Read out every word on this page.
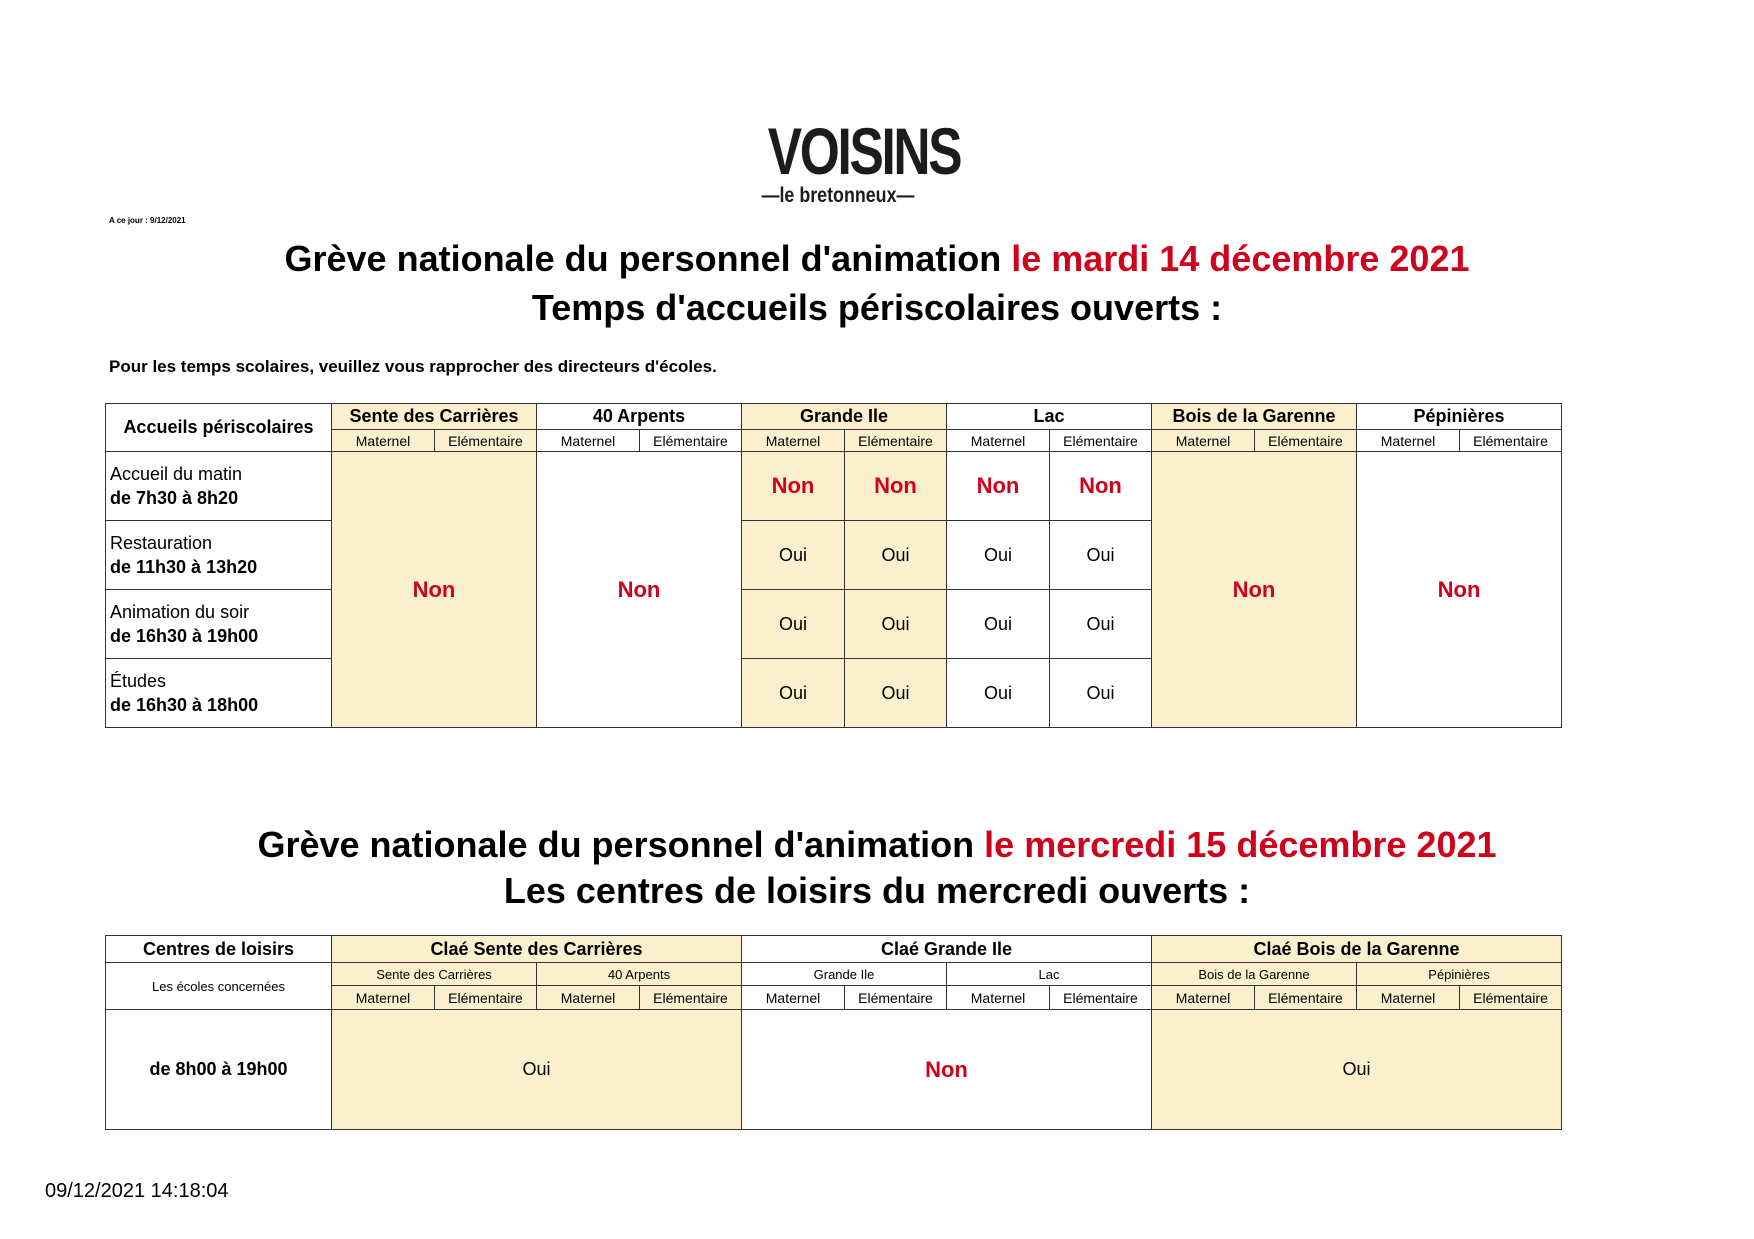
VOISINS
—le bretonneux—
A ce jour : 9/12/2021
Grève nationale du personnel d'animation le mardi 14 décembre 2021
Temps d'accueils périscolaires ouverts :
Pour les temps scolaires, veuillez vous rapprocher des directeurs d'écoles.
Accueils périscolaires	Sente des Carrières		40 Arpents		Grande Ile		Lac		Bois de la Garenne		Pépinières	
	Maternel	Elémentaire	Maternel	Elémentaire	Maternel	Elémentaire	Maternel	Elémentaire	Maternel	Elémentaire	Maternel	Elémentaire

Accueil du matin
de 7h30 à 8h20	Non		Non		Non	Non	Non	Non	Non		Non	

Restauration
de 11h30 à 13h20					Oui	Oui	Oui	Oui				

Animation du soir
de 16h30 à 19h00					Oui	Oui	Oui	Oui				

Études
de 16h30 à 18h00					Oui	Oui	Oui	Oui				
Grève nationale du personnel d'animation le mercredi 15 décembre 2021
Les centres de loisirs du mercredi ouverts :
Centres de loisirs	Claé Sente des Carrières				Claé Grande Ile				Claé Bois de la Garenne			
Les écoles concernées	Sente des Carrières		40 Arpents		Grande Ile		Lac		Bois de la Garenne		Pépinières	
	Maternel	Elémentaire	Maternel	Elémentaire	Maternel	Elémentaire	Maternel	Elémentaire	Maternel	Elémentaire	Maternel	Elémentaire
de 8h00 à 19h00	Oui				Non				Oui			
09/12/2021 14:18:04
